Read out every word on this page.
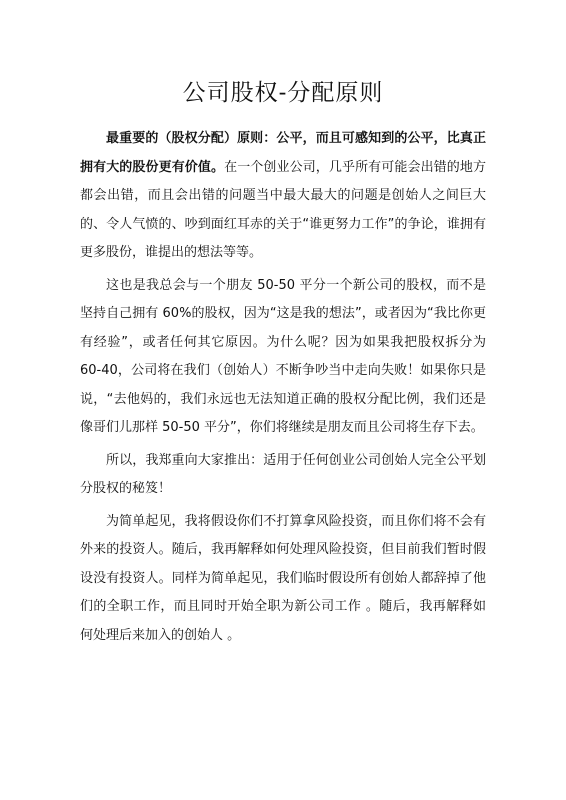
公司股权-分配原则

最重要的（股权分配）原则：公平，而且可感知到的公平，比真正拥有大的股份更有价值。在一个创业公司，几乎所有可能会出错的地方都会出错，而且会出错的问题当中最大最大的问题是创始人之间巨大的、令人气愤的、吵到面红耳赤的关于“谁更努力工作”的争论，谁拥有更多股份，谁提出的想法等等。

这也是我总会与一个朋友 50-50 平分一个新公司的股权，而不是坚持自己拥有 60%的股权，因为“这是我的想法”，或者因为“我比你更有经验”，或者任何其它原因。为什么呢？因为如果我把股权拆分为 60-40，公司将在我们（创始人）不断争吵当中走向失败！如果你只是说，“去他妈的，我们永远也无法知道正确的股权分配比例，我们还是像哥们儿那样 50-50 平分”，你们将继续是朋友而且公司将生存下去。

所以，我郑重向大家推出：适用于任何创业公司创始人完全公平划分股权的秘笈！

为简单起见，我将假设你们不打算拿风险投资，而且你们将不会有外来的投资人。随后，我再解释如何处理风险投资，但目前我们暂时假设没有投资人。同样为简单起见，我们临时假设所有创始人都辞掉了他们的全职工作，而且同时开始全职为新公司工作 。随后，我再解释如何处理后来加入的创始人 。
